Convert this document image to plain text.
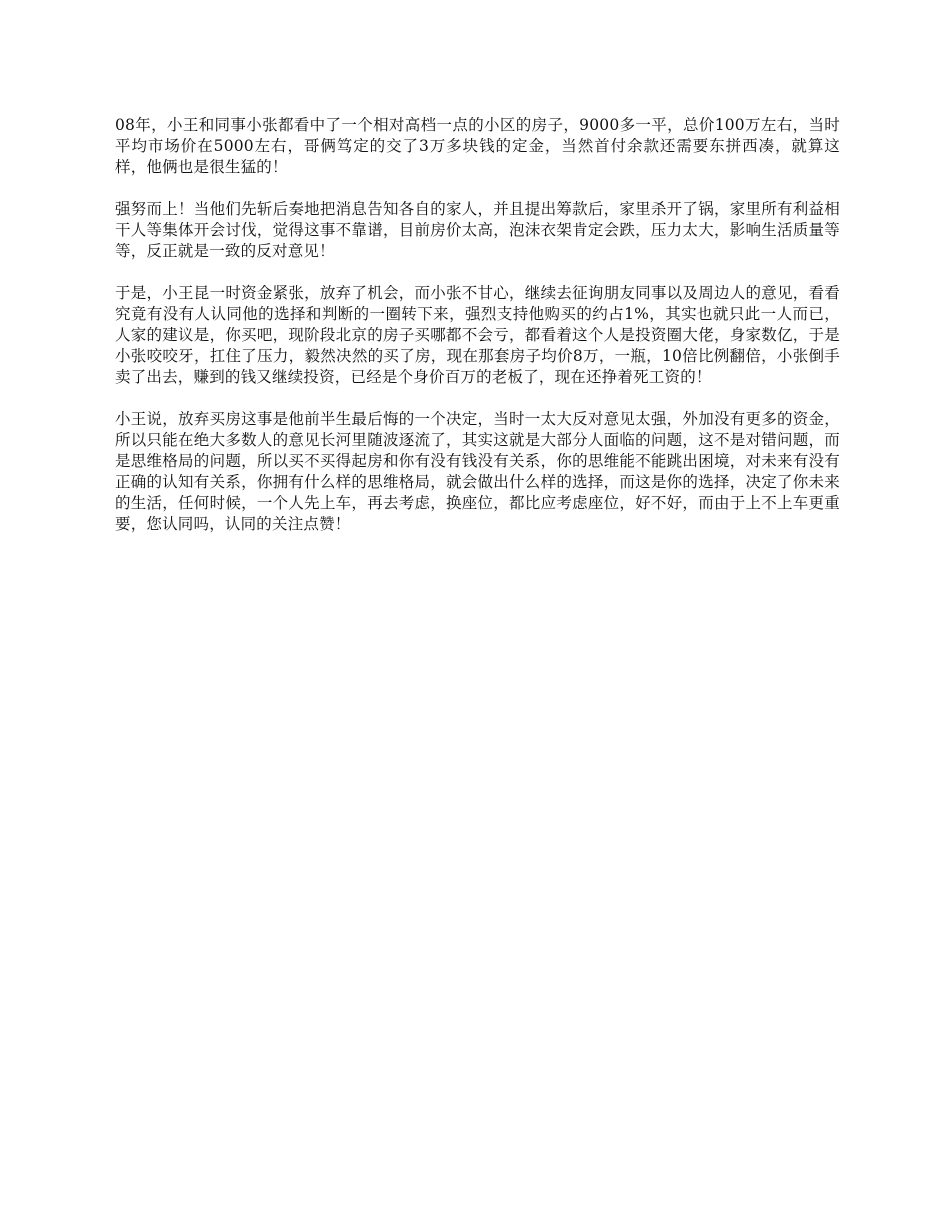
08年，小王和同事小张都看中了一个相对高档一点的小区的房子，9000多一平，总价100万左右，当时平均市场价在5000左右，哥俩笃定的交了3万多块钱的定金，当然首付余款还需要东拼西凑，就算这样，他俩也是很生猛的！

强努而上！当他们先斩后奏地把消息告知各自的家人，并且提出筹款后，家里杀开了锅，家里所有利益相干人等集体开会讨伐，觉得这事不靠谱，目前房价太高，泡沫衣架肯定会跌，压力太大，影响生活质量等等，反正就是一致的反对意见！

于是，小王昆一时资金紧张，放弃了机会，而小张不甘心，继续去征询朋友同事以及周边人的意见，看看究竟有没有人认同他的选择和判断的一圈转下来，强烈支持他购买的约占1%，其实也就只此一人而已，人家的建议是，你买吧，现阶段北京的房子买哪都不会亏，都看着这个人是投资圈大佬，身家数亿，于是小张咬咬牙，扛住了压力，毅然决然的买了房，现在那套房子均价8万，一瓶，10倍比例翻倍，小张倒手卖了出去，赚到的钱又继续投资，已经是个身价百万的老板了，现在还挣着死工资的！

小王说，放弃买房这事是他前半生最后悔的一个决定，当时一太大反对意见太强，外加没有更多的资金，所以只能在绝大多数人的意见长河里随波逐流了，其实这就是大部分人面临的问题，这不是对错问题，而是思维格局的问题，所以买不买得起房和你有没有钱没有关系，你的思维能不能跳出困境，对未来有没有正确的认知有关系，你拥有什么样的思维格局，就会做出什么样的选择，而这是你的选择，决定了你未来的生活，任何时候，一个人先上车，再去考虑，换座位，都比应考虑座位，好不好，而由于上不上车更重要，您认同吗，认同的关注点赞！
